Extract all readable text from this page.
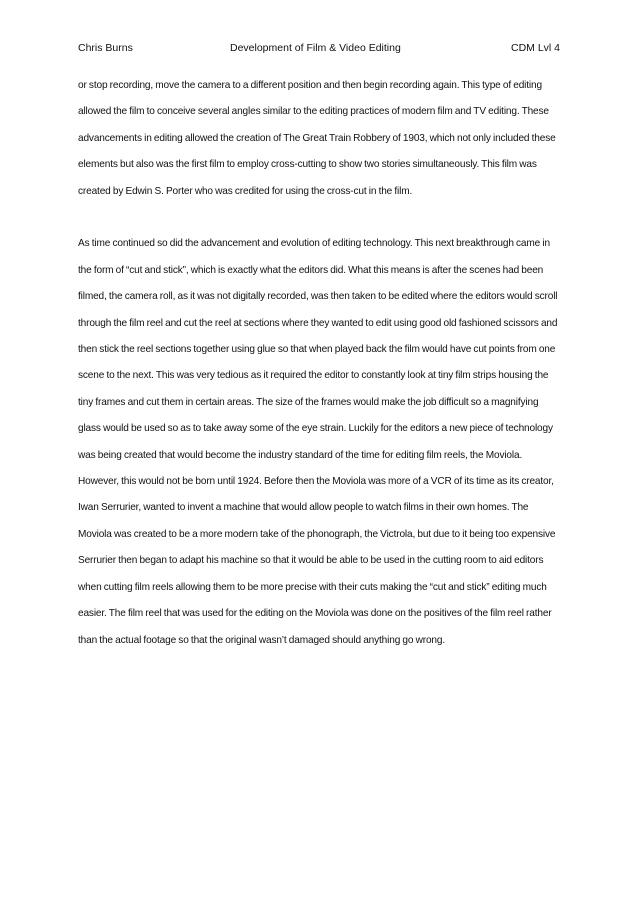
Chris Burns	Development of Film & Video Editing	CDM Lvl 4

or stop recording, move the camera to a different position and then begin recording again. This type of editing allowed the film to conceive several angles similar to the editing practices of modern film and TV editing. These advancements in editing allowed the creation of The Great Train Robbery of 1903, which not only included these elements but also was the first film to employ cross-cutting to show two stories simultaneously. This film was created by Edwin S. Porter who was credited for using the cross-cut in the film.

As time continued so did the advancement and evolution of editing technology. This next breakthrough came in the form of “cut and stick”, which is exactly what the editors did. What this means is after the scenes had been filmed, the camera roll, as it was not digitally recorded, was then taken to be edited where the editors would scroll through the film reel and cut the reel at sections where they wanted to edit using good old fashioned scissors and then stick the reel sections together using glue so that when played back the film would have cut points from one scene to the next. This was very tedious as it required the editor to constantly look at tiny film strips housing the tiny frames and cut them in certain areas. The size of the frames would make the job difficult so a magnifying glass would be used so as to take away some of the eye strain. Luckily for the editors a new piece of technology was being created that would become the industry standard of the time for editing film reels, the Moviola. However, this would not be born until 1924. Before then the Moviola was more of a VCR of its time as its creator, Iwan Serrurier, wanted to invent a machine that would allow people to watch films in their own homes. The Moviola was created to be a more modern take of the phonograph, the Victrola, but due to it being too expensive Serrurier then began to adapt his machine so that it would be able to be used in the cutting room to aid editors when cutting film reels allowing them to be more precise with their cuts making the “cut and stick” editing much easier. The film reel that was used for the editing on the Moviola was done on the positives of the film reel rather than the actual footage so that the original wasn’t damaged should anything go wrong.
